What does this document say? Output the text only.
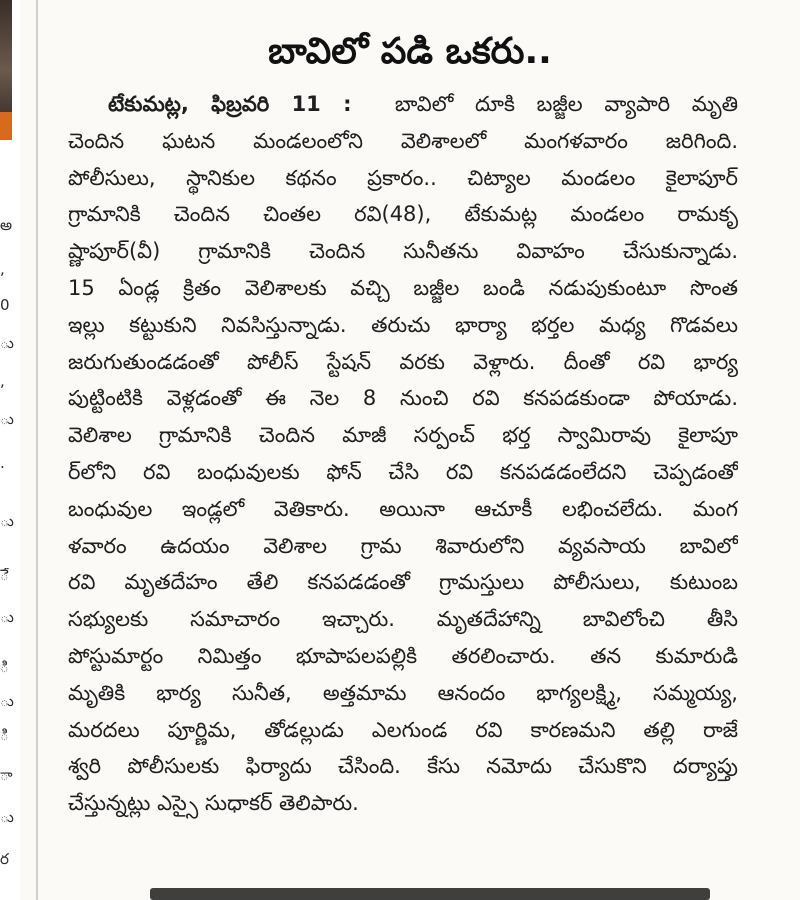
అ
,
0
ు
,
ు
.
ు
ేే
ు
ి
ు
ి
ా
ు
ర
బావిలో పడి ఒకరు..
టేకుమట్ల, ఫిబ్రవరి 11 : బావిలో దూకి బజ్జీల వ్యాపారి మృతి
చెందిన ఘటన మండలంలోని వెలిశాలలో మంగళవారం జరిగింది.
పోలీసులు, స్థానికుల కథనం ప్రకారం.. చిట్యాల మండలం కైలాపూర్
గ్రామానికి చెందిన చింతల రవి(48), టేకుమట్ల మండలం రామకృ
ష్ణాపూర్(వీ) గ్రామానికి చెందిన సునీతను వివాహం చేసుకున్నాడు.
15 ఏండ్ల క్రితం వెలిశాలకు వచ్చి బజ్జీల బండి నడుపుకుంటూ సొంత
ఇల్లు కట్టుకుని నివసిస్తున్నాడు. తరుచు భార్యా భర్తల మధ్య గొడవలు
జరుగుతుండడంతో పోలీస్ స్టేషన్ వరకు వెళ్లారు. దీంతో రవి భార్య
పుట్టింటికి వెళ్లడంతో ఈ నెల 8 నుంచి రవి కనపడకుండా పోయాడు.
వెలిశాల గ్రామానికి చెందిన మాజీ సర్పంచ్ భర్త స్వామిరావు కైలాపూ
ర్‌లోని రవి బంధువులకు ఫోన్ చేసి రవి కనపడడంలేదని చెప్పడంతో
బంధువుల ఇండ్లలో వెతికారు. అయినా ఆచూకీ లభించలేదు. మంగ
ళవారం ఉదయం వెలిశాల గ్రామ శివారులోని వ్యవసాయ బావిలో
రవి మృతదేహం తేలి కనపడడంతో గ్రామస్తులు పోలీసులు, కుటుంబ
సభ్యులకు సమాచారం ఇచ్చారు. మృతదేహాన్ని బావిలోంచి తీసి
పోస్టుమార్టం నిమిత్తం భూపాపలపల్లికి తరలించారు. తన కుమారుడి
మృతికి భార్య సునీత, అత్తమామ ఆనందం భాగ్యలక్ష్మి, సమ్మయ్య,
మరదలు పూర్ణిమ, తోడల్లుడు ఎలగుండ రవి కారణమని తల్లి రాజే
శ్వరి పోలీసులకు ఫిర్యాదు చేసింది. కేసు నమోదు చేసుకొని దర్యాప్తు
చేస్తున్నట్లు ఎస్సై సుధాకర్ తెలిపారు.
